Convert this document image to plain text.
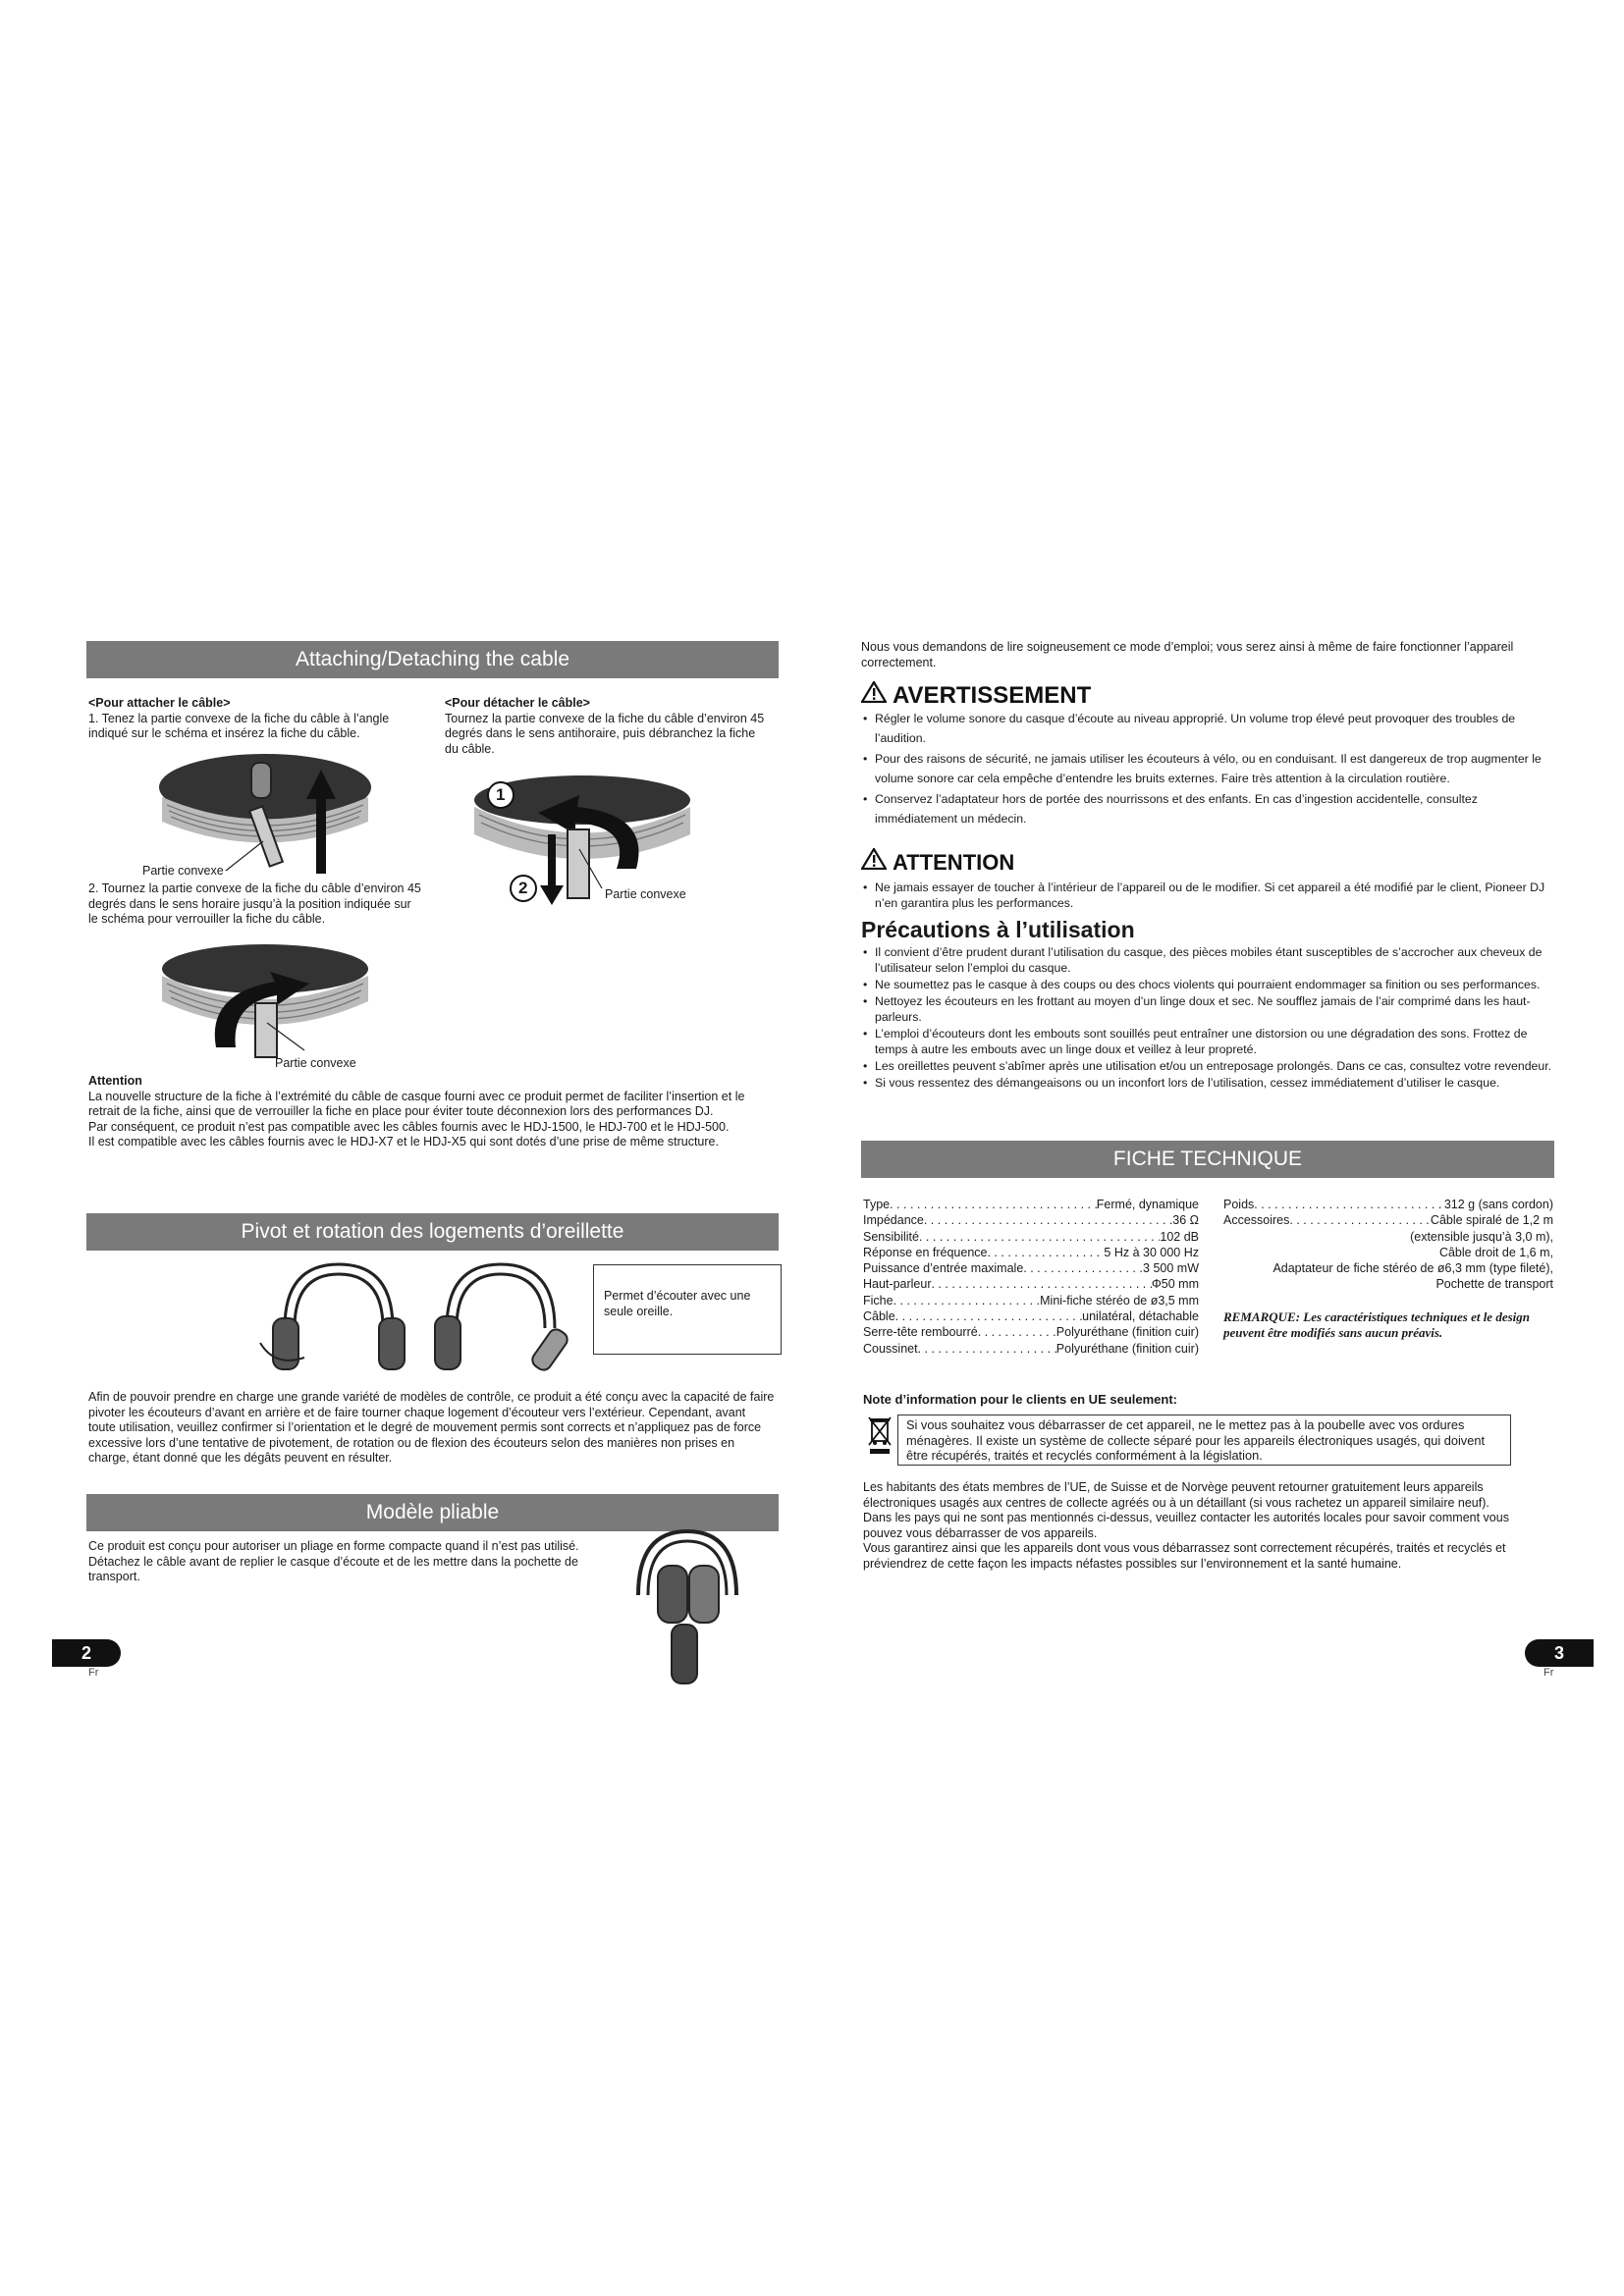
Attaching/Detaching the cable

<Pour attacher le câble>

1. Tenez la partie convexe de la fiche du câble à l’angle indiqué sur le schéma et insérez la fiche du câble.

Partie convexe

2. Tournez la partie convexe de la fiche du câble d’environ 45 degrés dans le sens horaire jusqu’à la position indiquée sur le schéma pour verrouiller la fiche du câble.

Partie convexe

<Pour détacher le câble>

Tournez la partie convexe de la fiche du câble d’environ 45 degrés dans le sens antihoraire, puis débranchez la fiche du câble.

1
2	Partie convexe

Attention

La nouvelle structure de la fiche à l’extrémité du câble de casque fourni avec ce produit permet de faciliter l’insertion et le retrait de la fiche, ainsi que de verrouiller la fiche en place pour éviter toute déconnexion lors des performances DJ.

Par conséquent, ce produit n’est pas compatible avec les câbles fournis avec le HDJ-1500, le HDJ-700 et le HDJ-500.

Il est compatible avec les câbles fournis avec le HDJ-X7 et le HDJ-X5 qui sont dotés d’une prise de même structure.

Pivot et rotation des logements d’oreillette
Permet d’écouter avec une seule oreille.

Afin de pouvoir prendre en charge une grande variété de modèles de contrôle, ce produit a été conçu avec la capacité de faire pivoter les écouteurs d’avant en arrière et de faire tourner chaque logement d’écouteur vers l’extérieur. Cependant, avant toute utilisation, veuillez confirmer si l’orientation et le degré de mouvement permis sont corrects et n’appliquez pas de force excessive lors d’une tentative de pivotement, de rotation ou de flexion des écouteurs selon des manières non prises en charge, étant donné que les dégâts peuvent en résulter.

Modèle pliable

Ce produit est conçu pour autoriser un pliage en forme compacte quand il n’est pas utilisé. Détachez le câble avant de replier le casque d’écoute et de les mettre dans la pochette de transport.

2
Fr

Nous vous demandons de lire soigneusement ce mode d’emploi; vous serez ainsi à même de faire fonctionner l’appareil correctement.

AVERTISSEMENT
• Régler le volume sonore du casque d’écoute au niveau approprié. Un volume trop élevé peut provoquer des troubles de l’audition.
• Pour des raisons de sécurité, ne jamais utiliser les écouteurs à vélo, ou en conduisant. Il est dangereux de trop augmenter le volume sonore car cela empêche d’entendre les bruits externes. Faire très attention à la circulation routière.
• Conservez l’adaptateur hors de portée des nourrissons et des enfants. En cas d’ingestion accidentelle, consultez immédiatement un médecin.
ATTENTION
• Ne jamais essayer de toucher à l’intérieur de l’appareil ou de le modifier. Si cet appareil a été modifié par le client, Pioneer DJ n’en garantira plus les performances.
Précautions à l’utilisation
• Il convient d’être prudent durant l’utilisation du casque, des pièces mobiles étant susceptibles de s’accrocher aux cheveux de l’utilisateur selon l’emploi du casque.
• Ne soumettez pas le casque à des coups ou des chocs violents qui pourraient endommager sa finition ou ses performances.
• Nettoyez les écouteurs en les frottant au moyen d’un linge doux et sec. Ne soufflez jamais de l’air comprimé dans les haut-parleurs.
• L’emploi d’écouteurs dont les embouts sont souillés peut entraîner une distorsion ou une dégradation des sons. Frottez de temps à autre les embouts avec un linge doux et veillez à leur propreté.
• Les oreillettes peuvent s’abîmer après une utilisation et/ou un entreposage prolongés. Dans ce cas, consultez votre revendeur.
• Si vous ressentez des démangeaisons ou un inconfort lors de l’utilisation, cessez immédiatement d’utiliser le casque.
FICHE TECHNIQUE
Type . . .	Fermé, dynamique
Impédance . . .	36 Ω
Sensibilité . . .	102 dB
Réponse en fréquence . . .	5 Hz à 30 000 Hz
Puissance d’entrée maximale . . .	3 500 mW
Haut-parleur . . .	Φ50 mm
Fiche . . .	Mini-fiche stéréo de ø3,5 mm
Câble . . .	unilatéral, détachable
Serre-tête rembourré . . .	Polyuréthane (finition cuir)
Coussinet . . .	Polyuréthane (finition cuir)
Poids . . .	312 g (sans cordon)
Accessoires . . .	Câble spiralé de 1,2 m
(extensible jusqu’à 3,0 m),
Câble droit de 1,6 m,
Adaptateur de fiche stéréo de ø6,3 mm (type fileté),
Pochette de transport
REMARQUE: Les caractéristiques techniques et le design peuvent être modifiés sans aucun préavis.
Note d’information pour le clients en UE seulement:
Si vous souhaitez vous débarrasser de cet appareil, ne le mettez pas à la poubelle avec vos ordures ménagères. Il existe un système de collecte séparé pour les appareils électroniques usagés, qui doivent être récupérés, traités et recyclés conformément à la législation.

Les habitants des états membres de l’UE, de Suisse et de Norvège peuvent retourner gratuitement leurs appareils électroniques usagés aux centres de collecte agréés ou à un détaillant (si vous rachetez un appareil similaire neuf).

Dans les pays qui ne sont pas mentionnés ci-dessus, veuillez contacter les autorités locales pour savoir comment vous pouvez vous débarrasser de vos appareils.

Vous garantirez ainsi que les appareils dont vous vous débarrassez sont correctement récupérés, traités et recyclés et préviendrez de cette façon les impacts néfastes possibles sur l’environnement et la santé humaine.

3
Fr
